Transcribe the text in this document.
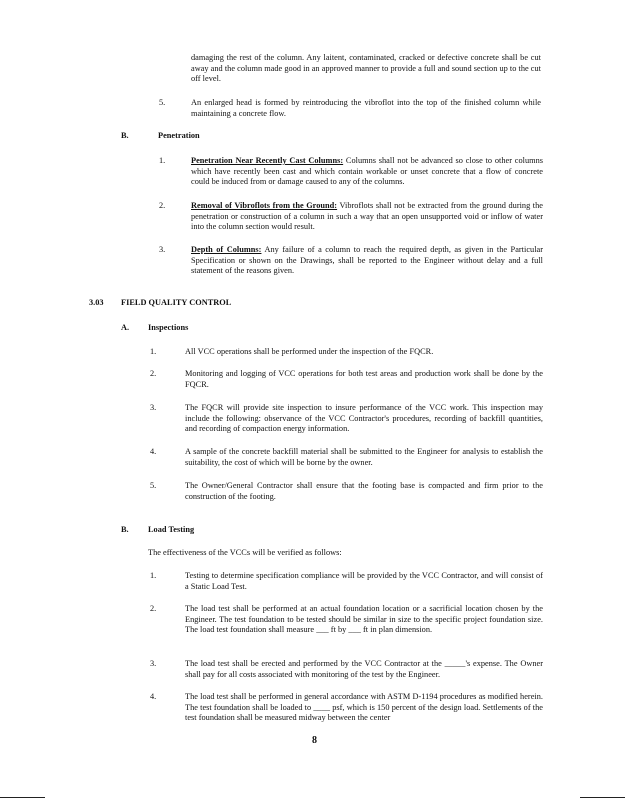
damaging the rest of the column. Any laitent, contaminated, cracked or defective concrete shall be cut away and the column made good in an approved manner to provide a full and sound section up to the cut off level.
5.	An enlarged head is formed by reintroducing the vibroflot into the top of the finished column while maintaining a concrete flow.
B.	Penetration
1.	Penetration Near Recently Cast Columns: Columns shall not be advanced so close to other columns which have recently been cast and which contain workable or unset concrete that a flow of concrete could be induced from or damage caused to any of the columns.
2.	Removal of Vibroflots from the Ground: Vibroflots shall not be extracted from the ground during the penetration or construction of a column in such a way that an open unsupported void or inflow of water into the column section would result.
3.	Depth of Columns: Any failure of a column to reach the required depth, as given in the Particular Specification or shown on the Drawings, shall be reported to the Engineer without delay and a full statement of the reasons given.
3.03 FIELD QUALITY CONTROL
A. Inspections
1.	All VCC operations shall be performed under the inspection of the FQCR.
2.	Monitoring and logging of VCC operations for both test areas and production work shall be done by the FQCR.
3.	The FQCR will provide site inspection to insure performance of the VCC work. This inspection may include the following: observance of the VCC Contractor's procedures, recording of backfill quantities, and recording of compaction energy information.
4.	A sample of the concrete backfill material shall be submitted to the Engineer for analysis to establish the suitability, the cost of which will be borne by the owner.
5.	The Owner/General Contractor shall ensure that the footing base is compacted and firm prior to the construction of the footing.
B. Load Testing
The effectiveness of the VCCs will be verified as follows:
1.	Testing to determine specification compliance will be provided by the VCC Contractor, and will consist of a Static Load Test.
2.	The load test shall be performed at an actual foundation location or a sacrificial location chosen by the Engineer. The test foundation to be tested should be similar in size to the specific project foundation size. The load test foundation shall measure ___ ft by ___ ft in plan dimension.
3.	The load test shall be erected and performed by the VCC Contractor at the _____'s expense. The Owner shall pay for all costs associated with monitoring of the test by the Engineer.
4.	The load test shall be performed in general accordance with ASTM D-1194 procedures as modified herein. The test foundation shall be loaded to ____ psf, which is 150 percent of the design load. Settlements of the test foundation shall be measured midway between the center
8
